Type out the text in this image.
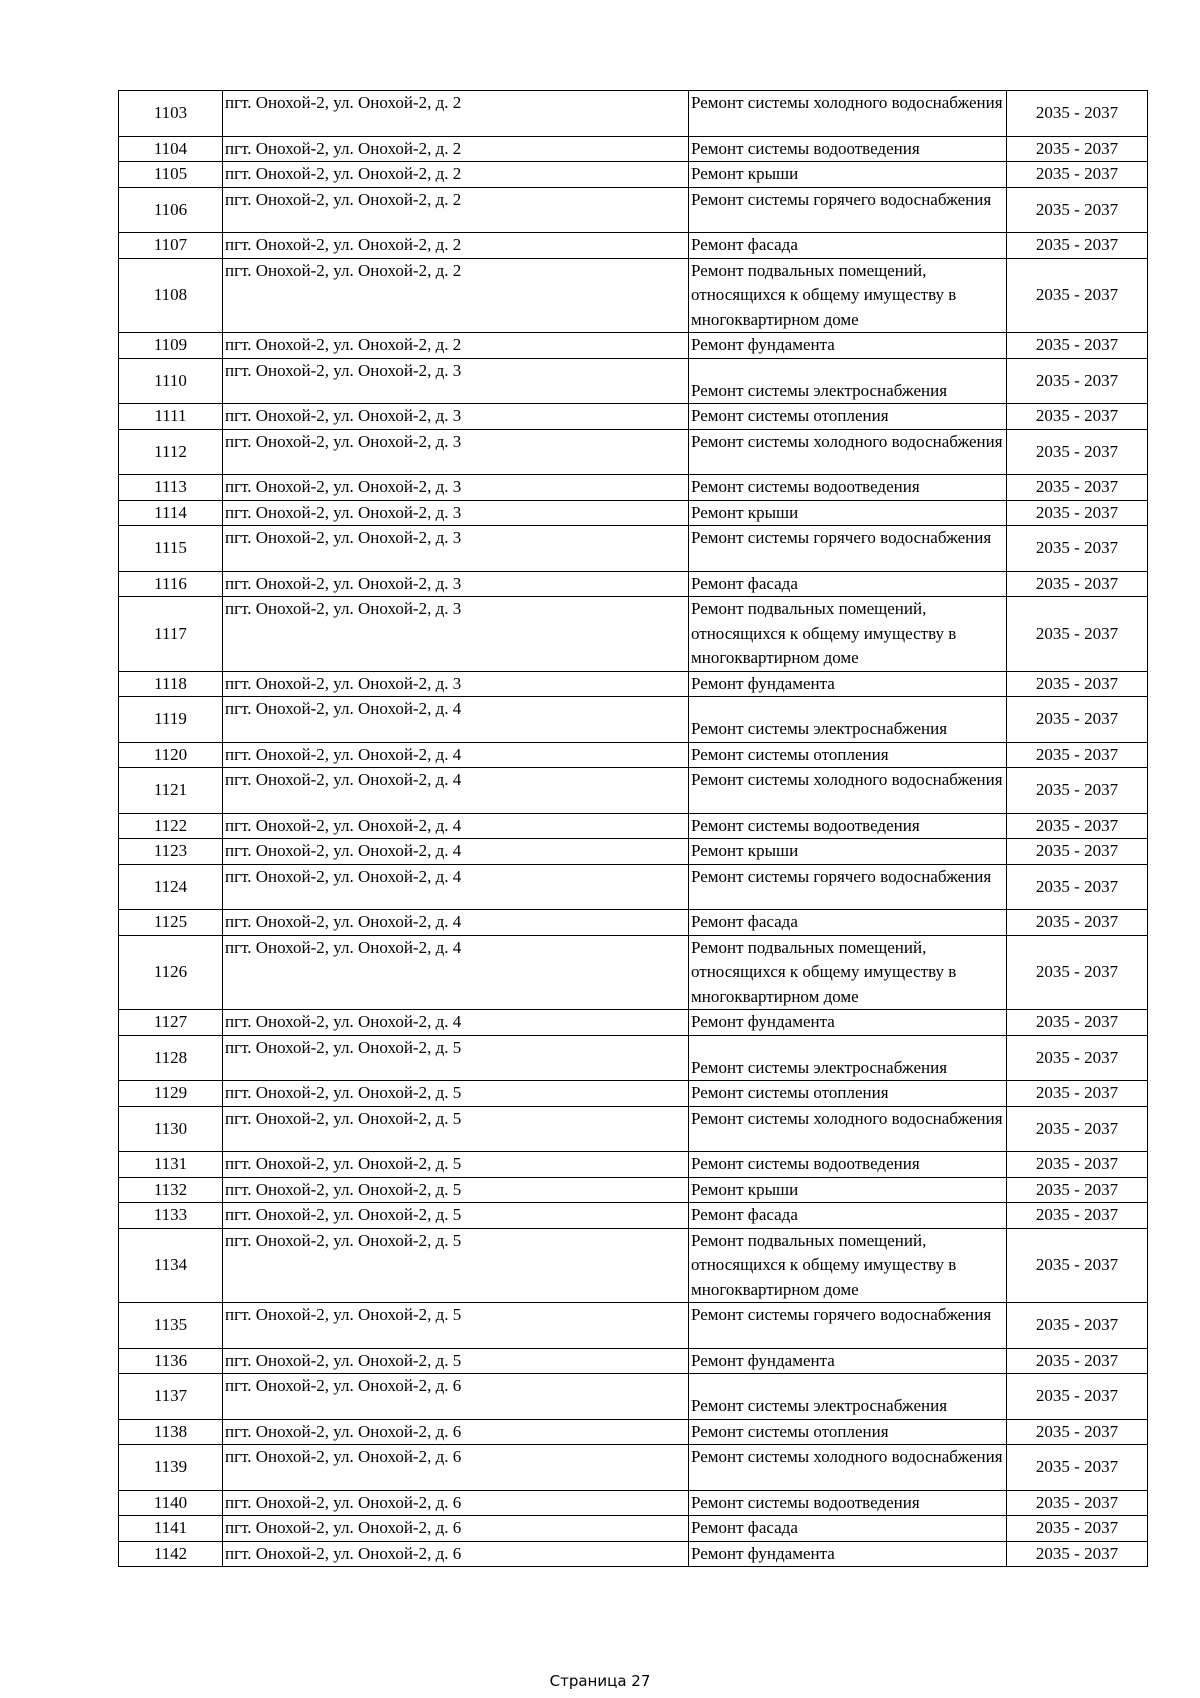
1103	пгт. Онохой-2, ул. Онохой-2, д. 2	Ремонт системы холодного водоснабжения	2035 - 2037
1104	пгт. Онохой-2, ул. Онохой-2, д. 2	Ремонт системы водоотведения	2035 - 2037
1105	пгт. Онохой-2, ул. Онохой-2, д. 2	Ремонт крыши	2035 - 2037
1106	пгт. Онохой-2, ул. Онохой-2, д. 2	Ремонт системы горячего водоснабжения	2035 - 2037
1107	пгт. Онохой-2, ул. Онохой-2, д. 2	Ремонт фасада	2035 - 2037
1108	пгт. Онохой-2, ул. Онохой-2, д. 2	Ремонт подвальных помещений, относящихся к общему имуществу в многоквартирном доме	2035 - 2037
1109	пгт. Онохой-2, ул. Онохой-2, д. 2	Ремонт фундамента	2035 - 2037
1110	пгт. Онохой-2, ул. Онохой-2, д. 3	Ремонт системы электроснабжения	2035 - 2037
1111	пгт. Онохой-2, ул. Онохой-2, д. 3	Ремонт системы отопления	2035 - 2037
1112	пгт. Онохой-2, ул. Онохой-2, д. 3	Ремонт системы холодного водоснабжения	2035 - 2037
1113	пгт. Онохой-2, ул. Онохой-2, д. 3	Ремонт системы водоотведения	2035 - 2037
1114	пгт. Онохой-2, ул. Онохой-2, д. 3	Ремонт крыши	2035 - 2037
1115	пгт. Онохой-2, ул. Онохой-2, д. 3	Ремонт системы горячего водоснабжения	2035 - 2037
1116	пгт. Онохой-2, ул. Онохой-2, д. 3	Ремонт фасада	2035 - 2037
1117	пгт. Онохой-2, ул. Онохой-2, д. 3	Ремонт подвальных помещений, относящихся к общему имуществу в многоквартирном доме	2035 - 2037
1118	пгт. Онохой-2, ул. Онохой-2, д. 3	Ремонт фундамента	2035 - 2037
1119	пгт. Онохой-2, ул. Онохой-2, д. 4	Ремонт системы электроснабжения	2035 - 2037
1120	пгт. Онохой-2, ул. Онохой-2, д. 4	Ремонт системы отопления	2035 - 2037
1121	пгт. Онохой-2, ул. Онохой-2, д. 4	Ремонт системы холодного водоснабжения	2035 - 2037
1122	пгт. Онохой-2, ул. Онохой-2, д. 4	Ремонт системы водоотведения	2035 - 2037
1123	пгт. Онохой-2, ул. Онохой-2, д. 4	Ремонт крыши	2035 - 2037
1124	пгт. Онохой-2, ул. Онохой-2, д. 4	Ремонт системы горячего водоснабжения	2035 - 2037
1125	пгт. Онохой-2, ул. Онохой-2, д. 4	Ремонт фасада	2035 - 2037
1126	пгт. Онохой-2, ул. Онохой-2, д. 4	Ремонт подвальных помещений, относящихся к общему имуществу в многоквартирном доме	2035 - 2037
1127	пгт. Онохой-2, ул. Онохой-2, д. 4	Ремонт фундамента	2035 - 2037
1128	пгт. Онохой-2, ул. Онохой-2, д. 5	Ремонт системы электроснабжения	2035 - 2037
1129	пгт. Онохой-2, ул. Онохой-2, д. 5	Ремонт системы отопления	2035 - 2037
1130	пгт. Онохой-2, ул. Онохой-2, д. 5	Ремонт системы холодного водоснабжения	2035 - 2037
1131	пгт. Онохой-2, ул. Онохой-2, д. 5	Ремонт системы водоотведения	2035 - 2037
1132	пгт. Онохой-2, ул. Онохой-2, д. 5	Ремонт крыши	2035 - 2037
1133	пгт. Онохой-2, ул. Онохой-2, д. 5	Ремонт фасада	2035 - 2037
1134	пгт. Онохой-2, ул. Онохой-2, д. 5	Ремонт подвальных помещений, относящихся к общему имуществу в многоквартирном доме	2035 - 2037
1135	пгт. Онохой-2, ул. Онохой-2, д. 5	Ремонт системы горячего водоснабжения	2035 - 2037
1136	пгт. Онохой-2, ул. Онохой-2, д. 5	Ремонт фундамента	2035 - 2037
1137	пгт. Онохой-2, ул. Онохой-2, д. 6	Ремонт системы электроснабжения	2035 - 2037
1138	пгт. Онохой-2, ул. Онохой-2, д. 6	Ремонт системы отопления	2035 - 2037
1139	пгт. Онохой-2, ул. Онохой-2, д. 6	Ремонт системы холодного водоснабжения	2035 - 2037
1140	пгт. Онохой-2, ул. Онохой-2, д. 6	Ремонт системы водоотведения	2035 - 2037
1141	пгт. Онохой-2, ул. Онохой-2, д. 6	Ремонт фасада	2035 - 2037
1142	пгт. Онохой-2, ул. Онохой-2, д. 6	Ремонт фундамента	2035 - 2037
Страница 27
